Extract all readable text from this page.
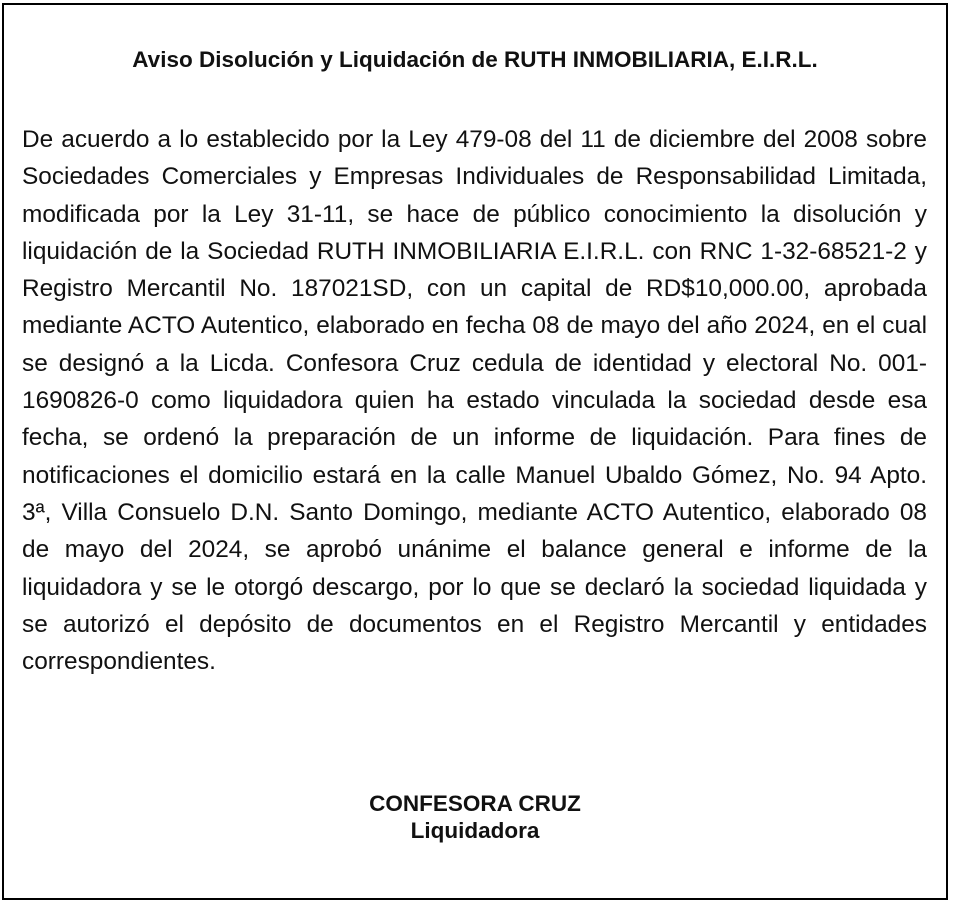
Aviso Disolución y Liquidación de RUTH INMOBILIARIA, E.I.R.L.

De acuerdo a lo establecido por la Ley 479-08 del 11 de diciembre del 2008 sobre Sociedades Comerciales y Empresas Individuales de Responsabilidad Limitada, modificada por la Ley 31-11, se hace de público conocimiento la disolución y liquidación de la Sociedad RUTH INMOBILIARIA E.I.R.L. con RNC 1-32-68521-2 y Registro Mercantil No. 187021SD, con un capital de RD$10,000.00, aprobada mediante ACTO Autentico, elaborado en fecha 08 de mayo del año 2024, en el cual se designó a la Licda. Confesora Cruz cedula de identidad y electoral No. 001-1690826-0 como liquidadora quien ha estado vinculada la sociedad desde esa fecha, se ordenó la preparación de un informe de liquidación. Para fines de notificaciones el domicilio estará en la calle Manuel Ubaldo Gómez, No. 94 Apto. 3ª, Villa Consuelo D.N. Santo Domingo, mediante ACTO Autentico, elaborado 08 de mayo del 2024, se aprobó unánime el balance general e informe de la liquidadora y se le otorgó descargo, por lo que se declaró la sociedad liquidada y se autorizó el depósito de documentos en el Registro Mercantil y entidades correspondientes.

CONFESORA CRUZ
Liquidadora
